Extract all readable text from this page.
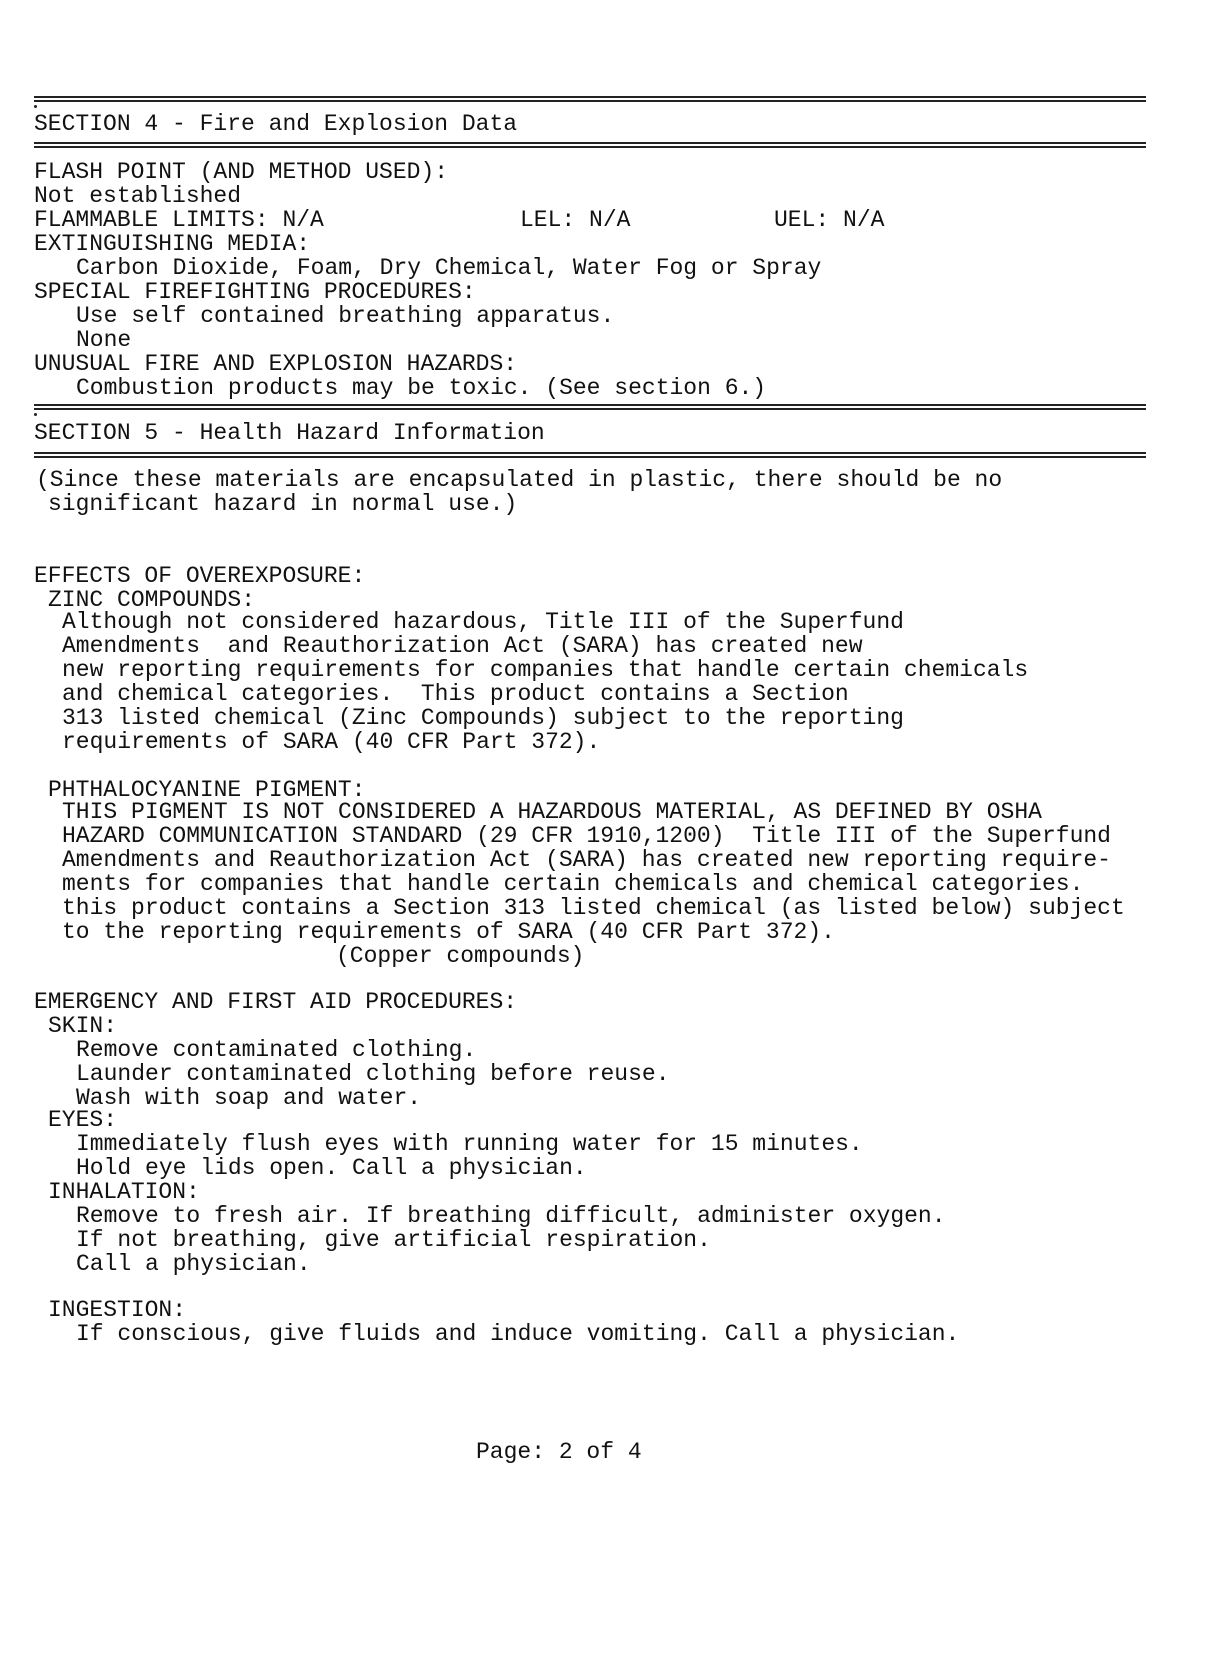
SECTION 4 - Fire and Explosion Data

FLASH POINT (AND METHOD USED):

Not established

FLAMMABLE LIMITS: N/A

	LEL: N/A

	UEL: N/A

EXTINGUISHING MEDIA:

Carbon Dioxide, Foam, Dry Chemical, Water Fog or Spray

SPECIAL FIREFIGHTING PROCEDURES:

Use self contained breathing apparatus.

None

UNUSUAL FIRE AND EXPLOSION HAZARDS:

Combustion products may be toxic. (See section 6.)

SECTION 5 - Health Hazard Information

(Since these materials are encapsulated in plastic, there should be no

significant hazard in normal use.)

EFFECTS OF OVEREXPOSURE:

ZINC COMPOUNDS:

Although not considered hazardous, Title III of the Superfund

Amendments  and Reauthorization Act (SARA) has created new

new reporting requirements for companies that handle certain chemicals

and chemical categories.  This product contains a Section

313 listed chemical (Zinc Compounds) subject to the reporting

requirements of SARA (40 CFR Part 372).

PHTHALOCYANINE PIGMENT:

THIS PIGMENT IS NOT CONSIDERED A HAZARDOUS MATERIAL, AS DEFINED BY OSHA

HAZARD COMMUNICATION STANDARD (29 CFR 1910,1200)  Title III of the Superfund

Amendments and Reauthorization Act (SARA) has created new reporting require-

ments for companies that handle certain chemicals and chemical categories.

this product contains a Section 313 listed chemical (as listed below) subject

to the reporting requirements of SARA (40 CFR Part 372).

(Copper compounds)

EMERGENCY AND FIRST AID PROCEDURES:

SKIN:

Remove contaminated clothing.

Launder contaminated clothing before reuse.

Wash with soap and water.

EYES:

Immediately flush eyes with running water for 15 minutes.

Hold eye lids open. Call a physician.

INHALATION:

Remove to fresh air. If breathing difficult, administer oxygen.

If not breathing, give artificial respiration.

Call a physician.

INGESTION:

If conscious, give fluids and induce vomiting. Call a physician.

Page: 2 of 4
